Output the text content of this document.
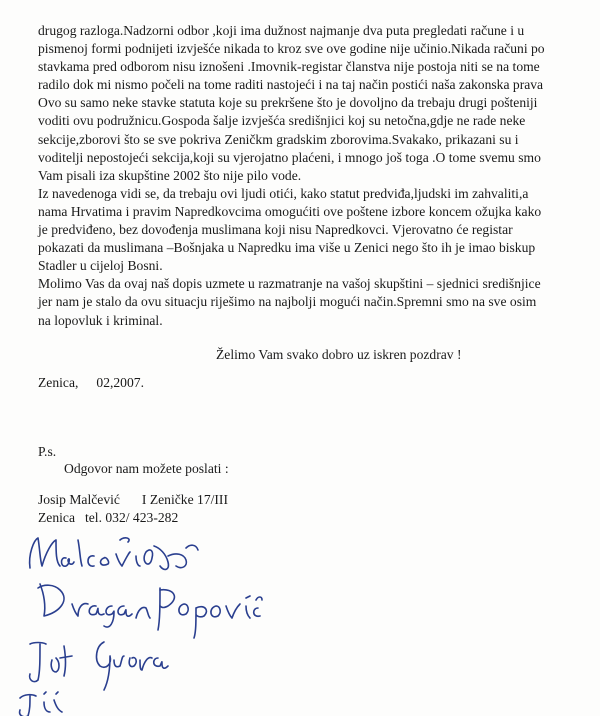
drugog razloga.Nadzorni odbor ,koji ima dužnost najmanje dva puta pregledati račune i u
pismenoj formi podnijeti izvješće nikada to kroz sve ove godine nije učinio.Nikada računi po
stavkama pred odborom nisu iznošeni .Imovnik-registar članstva nije postoja niti se na tome
radilo dok mi nismo počeli na tome raditi nastojeći i na taj način postići naša zakonska prava
Ovo su samo neke stavke statuta koje su prekršene što je dovoljno da trebaju drugi pošteniji
voditi ovu podružnicu.Gospoda šalje izvješća središnjici koj su netočna,gdje ne rade neke
sekcije,zborovi što se sve pokriva Zeničkm gradskim zborovima.Svakako, prikazani su i
voditelji nepostojeći sekcija,koji su vjerojatno plaćeni, i mnogo još toga .O tome svemu smo
Vam pisali iza skupštine 2002 što nije pilo vode.
Iz navedenoga vidi se, da trebaju ovi ljudi otići, kako statut predviđa,ljudski im zahvaliti,a
nama Hrvatima i pravim Napredkovcima omogućiti ove poštene izbore koncem ožujka kako
je predviđeno, bez dovođenja muslimana koji nisu Napredkovci. Vjerovatno će registar
pokazati da muslimana –Bošnjaka u Napredku ima više u Zenici nego što ih je imao biskup
Stadler u cijeloj Bosni.
Molimo Vas da ovaj naš dopis uzmete u razmatranje na vašoj skupštini – sjednici središnjice
jer nam je stalo da ovu situacju riješimo na najbolji mogući način.Spremni smo na sve osim
na lopovluk i kriminal.
Želimo Vam svako dobro uz iskren pozdrav !
Zenica, 02,2007.
P.s.
Odgovor nam možete poslati :
Josip Malčević I Zeničke 17/III
Zenica tel. 032/ 423-282
